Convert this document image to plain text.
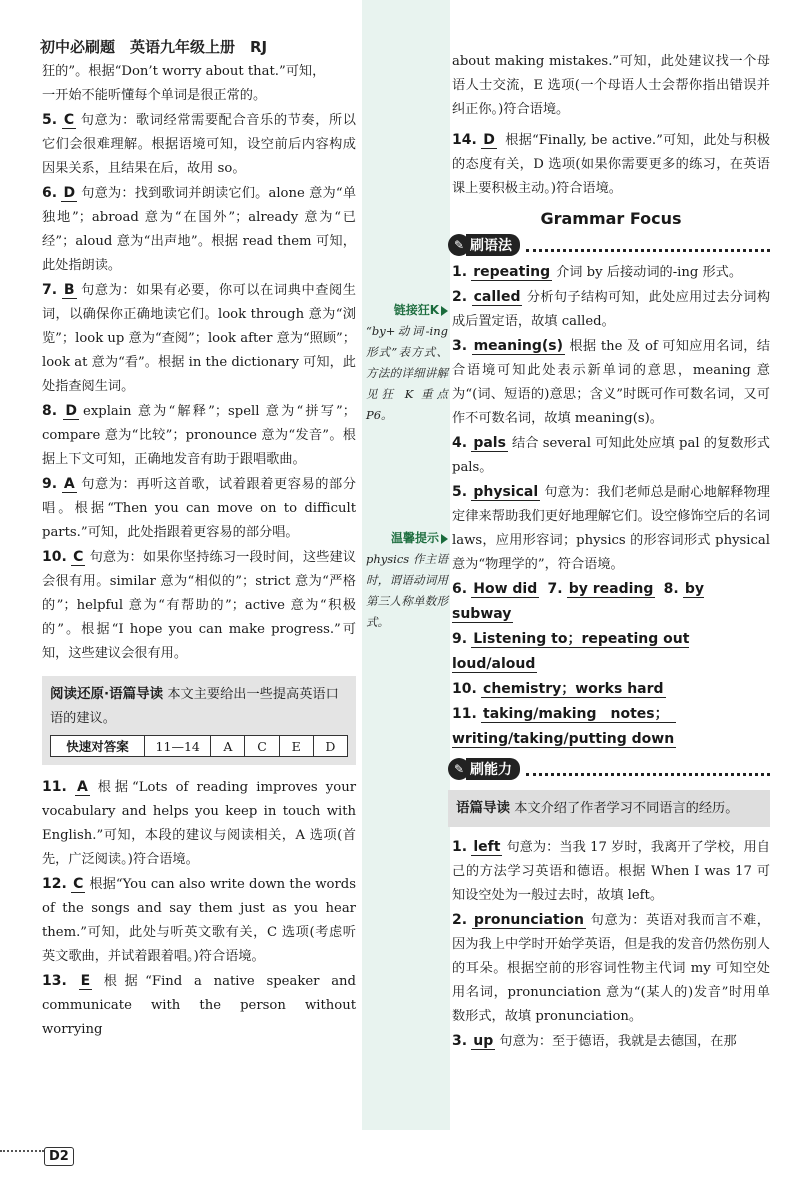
初中必刷题　英语九年级上册　RJ

狂的”。根据“Don’t worry about that.”可知，

一开始不能听懂每个单词是很正常的。

5. C 句意为：歌词经常需要配合音乐的节奏，所以它们会很难理解。根据语境可知，设空前后内容构成因果关系，且结果在后，故用 so。

6. D 句意为：找到歌词并朗读它们。alone 意为“单独地”；abroad 意为“在国外”；already 意为“已经”；aloud 意为“出声地”。根据 read them 可知，此处指朗读。

7. B 句意为：如果有必要，你可以在词典中查阅生词，以确保你正确地读它们。look through 意为“浏览”；look up 意为“查阅”；look after 意为“照顾”；look at 意为“看”。根据 in the dictionary 可知，此处指查阅生词。

8. D explain 意为“解释”；spell 意为“拼写”；compare 意为“比较”；pronounce 意为“发音”。根据上下文可知，正确地发音有助于跟唱歌曲。

9. A 句意为：再听这首歌，试着跟着更容易的部分唱。根据“Then you can move on to difficult parts.”可知，此处指跟着更容易的部分唱。

10. C 句意为：如果你坚持练习一段时间，这些建议会很有用。similar 意为“相似的”；strict 意为“严格的”；helpful 意为“有帮助的”；active 意为“积极的”。根据“I hope you can make progress.”可知，这些建议会很有用。

阅读还原·语篇导读 本文主要给出一些提高英语口语的建议。
快速对答案	11—14	A	C	E	D

11. A 根据“Lots of reading improves your vocabulary and helps you keep in touch with English.”可知，本段的建议与阅读相关，A 选项(首先，广泛阅读。)符合语境。

12. C 根据“You can also write down the words of the songs and say them just as you hear them.”可知，此处与听英文歌有关，C 选项(考虑听英文歌曲，并试着跟着唱。)符合语境。

13. E 根据“Find a native speaker and communicate with the person without worrying

链接狂K
“by+动词-ing 形式”表方式、方法的详细讲解见狂 K 重点 P6。
温馨提示
physics 作主语时，谓语动词用第三人称单数形式。

about making mistakes.”可知，此处建议找一个母语人士交流，E 选项(一个母语人士会帮你指出错误并纠正你。)符合语境。

14. D 根据“Finally, be active.”可知，此处与积极的态度有关，D 选项(如果你需要更多的练习，在英语课上要积极主动。)符合语境。

Grammar Focus
✎ 刷语法

1. repeating 介词 by 后接动词的-ing 形式。

2. called 分析句子结构可知，此处应用过去分词构成后置定语，故填 called。

3. meaning(s) 根据 the 及 of 可知应用名词，结合语境可知此处表示新单词的意思，meaning 意为“(词、短语的)意思；含义”时既可作可数名词，又可作不可数名词，故填 meaning(s)。

4. pals 结合 several 可知此处应填 pal 的复数形式 pals。

5. physical 句意为：我们老师总是耐心地解释物理定律来帮助我们更好地理解它们。设空修饰空后的名词 laws，应用形容词；physics 的形容词形式 physical 意为“物理学的”，符合语境。

6. How did 7. by reading 8. by subway

9. Listening to；repeating out loud/aloud

10. chemistry；works hard

11. taking/making　notes；　writing/taking/putting down

✎ 刷能力
语篇导读 本文介绍了作者学习不同语言的经历。

1. left 句意为：当我 17 岁时，我离开了学校，用自己的方法学习英语和德语。根据 When I was 17 可知设空处为一般过去时，故填 left。

2. pronunciation 句意为：英语对我而言不难，因为我上中学时开始学英语，但是我的发音仍然伤别人的耳朵。根据空前的形容词性物主代词 my 可知空处用名词，pronunciation 意为“(某人的)发音”时用单数形式，故填 pronunciation。

3. up 句意为：至于德语，我就是去德国，在那

D2
